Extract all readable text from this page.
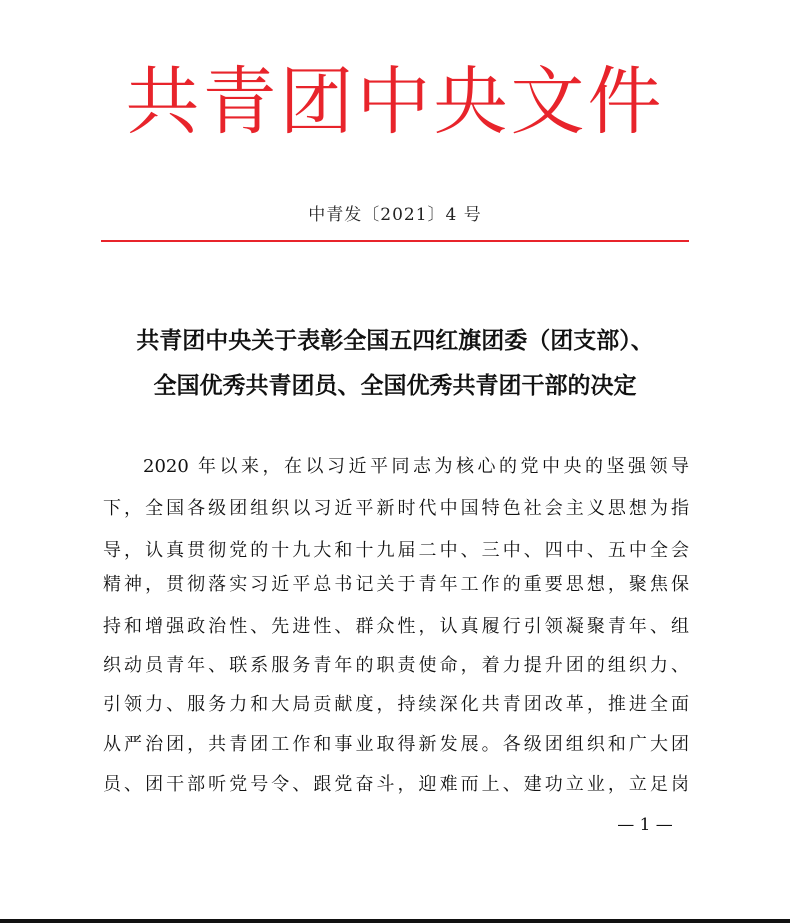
共青团中央文件
中青发〔2021〕4 号
共青团中央关于表彰全国五四红旗团委（团支部）、
全国优秀共青团员、全国优秀共青团干部的决定
2020 年以来，在以习近平同志为核心的党中央的坚强领导
下，全国各级团组织以习近平新时代中国特色社会主义思想为指
导，认真贯彻党的十九大和十九届二中、三中、四中、五中全会
精神，贯彻落实习近平总书记关于青年工作的重要思想，聚焦保
持和增强政治性、先进性、群众性，认真履行引领凝聚青年、组
织动员青年、联系服务青年的职责使命，着力提升团的组织力、
引领力、服务力和大局贡献度，持续深化共青团改革，推进全面
从严治团，共青团工作和事业取得新发展。各级团组织和广大团
员、团干部听党号令、跟党奋斗，迎难而上、建功立业，立足岗
— 1 —
